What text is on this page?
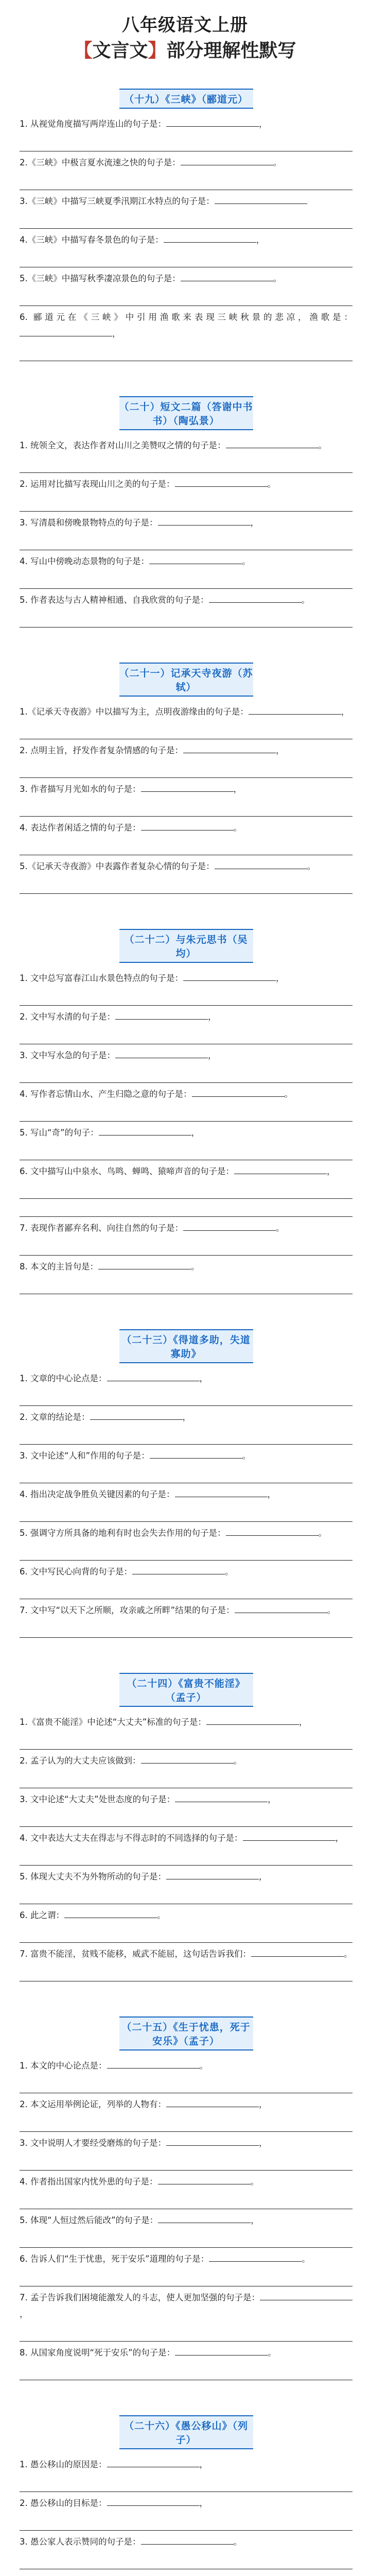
八年级语文上册
【文言文】部分理解性默写
（十九）《三峡》（郦道元）
1. 从视觉角度描写两岸连山的句子是：	，
2.《三峡》中极言夏水流速之快的句子是：	。
3.《三峡》中描写三峡夏季汛期江水特点的句子是：
4.《三峡》中描写春冬景色的句子是：	，
5.《三峡》中描写秋季凄凉景色的句子是：	。
6. 郦道元在《三峡》中引用渔歌来表现三峡秋景的悲凉，渔歌是：，
（二十）短文二篇（答谢中书书）（陶弘景）
1. 统领全文，表达作者对山川之美赞叹之情的句子是：	。
2. 运用对比描写表现山川之美的句子是：	。
3. 写清晨和傍晚景物特点的句子是：	，
4. 写山中傍晚动态景物的句子是：	。
5. 作者表达与古人精神相通、自我欣赏的句子是：	。
（二十一）记承天寺夜游（苏轼）
1.《记承天寺夜游》中以描写为主，点明夜游缘由的句子是：	，
2. 点明主旨，抒发作者复杂情感的句子是：	，
3. 作者描写月光如水的句子是：	，
4. 表达作者闲适之情的句子是：	。
5.《记承天寺夜游》中表露作者复杂心情的句子是：	。
（二十二）与朱元思书（吴均）
1. 文中总写富春江山水景色特点的句子是：	，
2. 文中写水清的句子是：	，
3. 文中写水急的句子是：	，
4. 写作者忘情山水、产生归隐之意的句子是：	。
5. 写山“奇”的句子：	，
6. 文中描写山中泉水、鸟鸣、蝉鸣、猿啼声音的句子是：	，
7. 表现作者鄙弃名利、向往自然的句子是：	。
8. 本文的主旨句是：	。
（二十三）《得道多助，失道寡助》
1. 文章的中心论点是：	，
2. 文章的结论是：	，
3. 文中论述“人和”作用的句子是：	。
4. 指出决定战争胜负关键因素的句子是：	，
5. 强调守方所具备的地利有时也会失去作用的句子是：	。
6. 文中写民心向背的句子是：	。
7. 文中写“以天下之所顺，攻亲戚之所畔”结果的句子是：	。
（二十四）《富贵不能淫》（孟子）
1.《富贵不能淫》中论述“大丈夫”标准的句子是：	，
2. 孟子认为的大丈夫应该做到：	。
3. 文中论述“大丈夫”处世态度的句子是：	，
4. 文中表达大丈夫在得志与不得志时的不同选择的句子是：	，
5. 体现大丈夫不为外物所动的句子是：	，
6. 此之谓：	。
7. 富贵不能淫，贫贱不能移，威武不能屈，这句话告诉我们：	。
（二十五）《生于忧患，死于安乐》（孟子）
1. 本文的中心论点是：	。
2. 本文运用举例论证，列举的人物有：	，
3. 文中说明人才要经受磨炼的句子是：	，
4. 作者指出国家内忧外患的句子是：	。
5. 体现“人恒过然后能改”的句子是：	，
6. 告诉人们“生于忧患，死于安乐”道理的句子是：	。
7. 孟子告诉我们困境能激发人的斗志，使人更加坚强的句子是：，
8. 从国家角度说明“死于安乐”的句子是：	。
（二十六）《愚公移山》（列子）
1. 愚公移山的原因是：	，
2. 愚公移山的目标是：	，
3. 愚公家人表示赞同的句子是：	。
